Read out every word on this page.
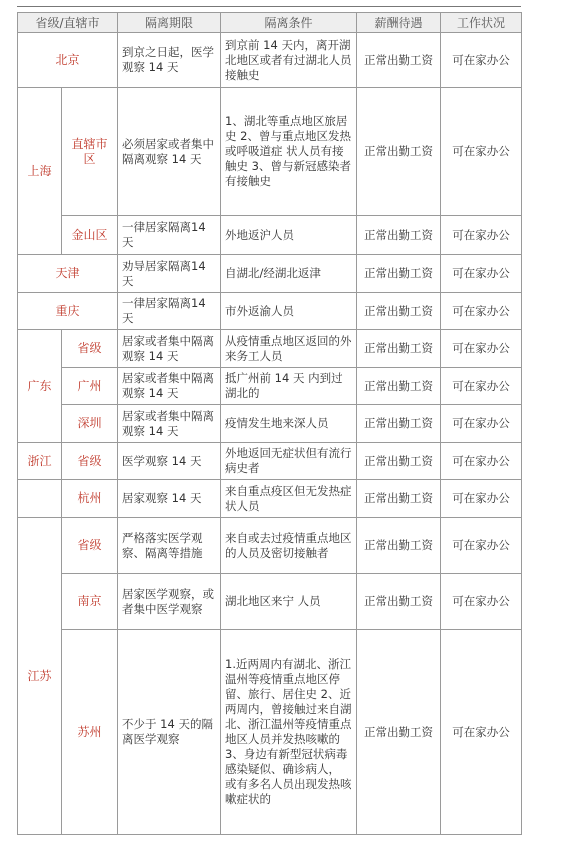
省级/直辖市		隔离期限	隔离条件	薪酬待遇	工作状况
北京		到京之日起，医学观察 14 天	到京前 14 天内，离开湖北地区或者有过湖北人员接触史	正常出勤工资	可在家办公
上海	直辖市区	必须居家或者集中隔离观察 14 天	1、湖北等重点地区旅居史 2、曾与重点地区发热或呼吸道症 状人员有接触史 3、曾与新冠感染者有接触史	正常出勤工资	可在家办公
	金山区	一律居家隔离14 天	外地返沪人员	正常出勤工资	可在家办公
天津		劝导居家隔离14 天	自湖北/经湖北返津	正常出勤工资	可在家办公
重庆		一律居家隔离14 天	市外返渝人员	正常出勤工资	可在家办公
广东	省级	居家或者集中隔离观察 14 天	从疫情重点地区返回的外来务工人员	正常出勤工资	可在家办公
	广州	居家或者集中隔离观察 14 天	抵广州前 14 天 内到过湖北的	正常出勤工资	可在家办公
	深圳	居家或者集中隔离观察 14 天	疫情发生地来深人员	正常出勤工资	可在家办公
浙江	省级	医学观察 14 天	外地返回无症状但有流行病史者	正常出勤工资	可在家办公
	杭州	居家观察 14 天	来自重点疫区但无发热症状人员	正常出勤工资	可在家办公
江苏	省级	严格落实医学观察、隔离等措施	来自或去过疫情重点地区的人员及密切接触者	正常出勤工资	可在家办公
	南京	居家医学观察，或者集中医学观察	湖北地区来宁 人员	正常出勤工资	可在家办公
	苏州	不少于 14 天的隔离医学观察	1.近两周内有湖北、浙江温州等疫情重点地区停留、旅行、居住史 2、近两周内，曾接触过来自湖北、浙江温州等疫情重点地区人员并发热咳嗽的 3、身边有新型冠状病毒感染疑似、确诊病人， 或有多名人员出现发热咳嗽症状的	正常出勤工资	可在家办公
